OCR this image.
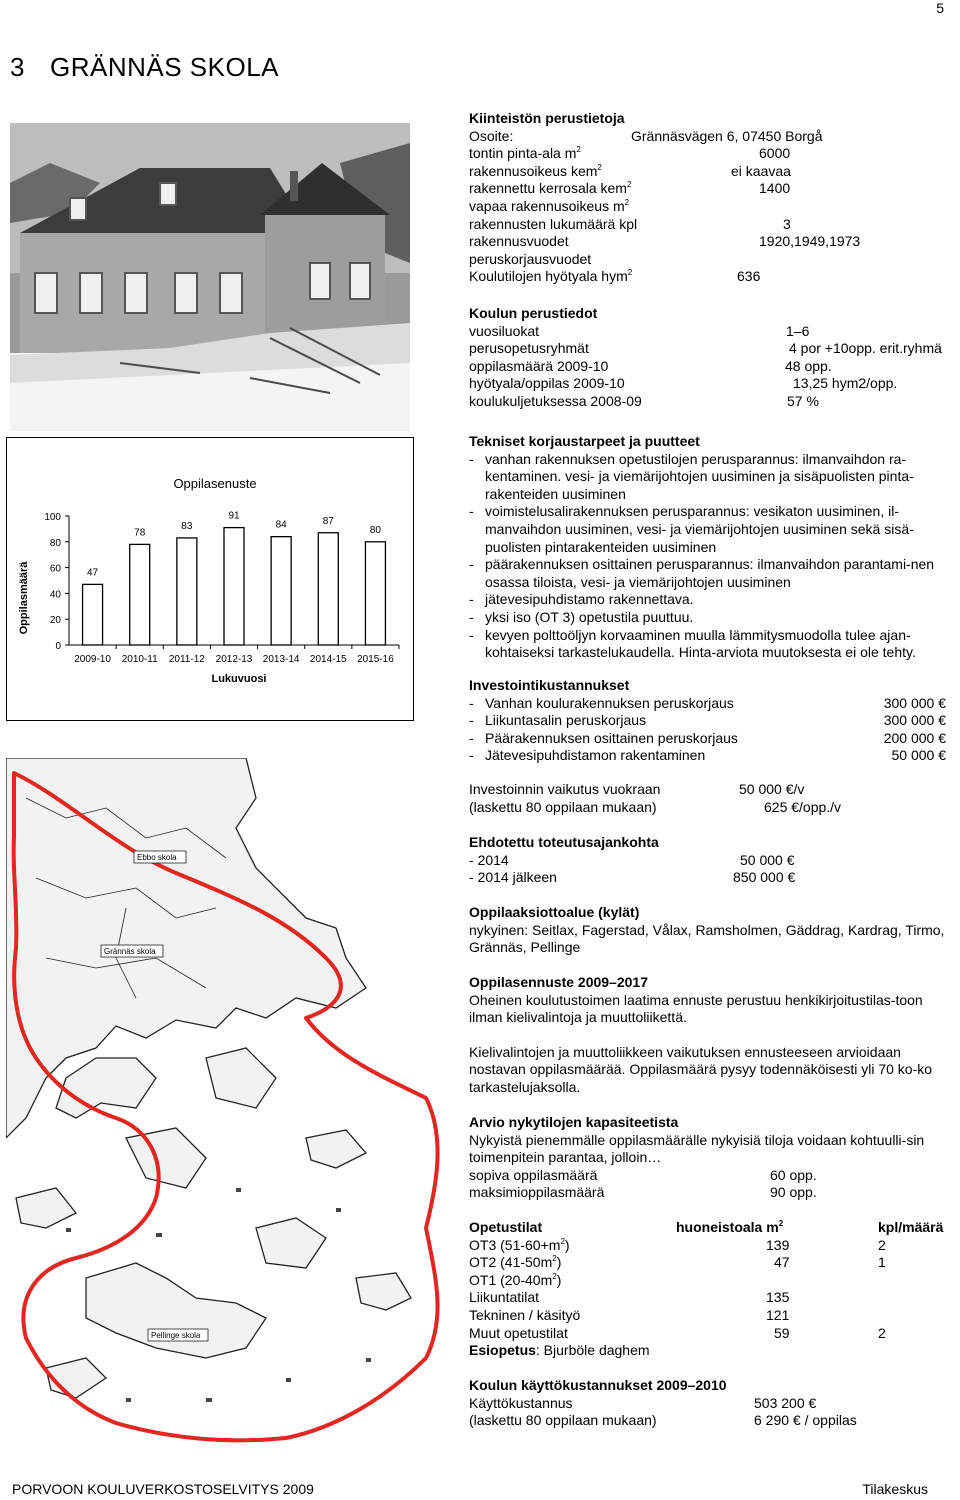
5
3 GRÄNNÄS SKOLA
Kiinteistön perustietoja
Osoite:	Grännäsvägen 6, 07450 Borgå
tontin pinta-ala $m^2$	6000
rakennusoikeus kem$^2$	ei kaavaa
rakennettu kerrosala kem$^2$	1400
vapaa rakennusoikeus $m^2$
rakennusten lukumäärä kpl	3
rakennusvuodet	1920,1949,1973
peruskorjausvuodet
Koulutilojen hyötyala hym$^2$	636
Koulun perustiedot
vuosiluokat	1–6
perusopetusryhmät	4 por +10opp. erit.ryhmä
oppilasmäärä 2009-10	48 opp.
hyötyala/oppilas 2009-10	13,25 hym2/opp.
koulukuljetuksessa 2008-09	57 %
Oppilasenuste
Oppilasmäärä
Lukuvuosi
0
20
40
60
80
100
47
2009-10
78
2010-11
83
2011-12
91
2012-13
84
2013-14
87
2014-15
80
2015-16
Tekniset korjaustarpeet ja puutteet
- vanhan rakennuksen opetustilojen perusparannus: ilmanvaihdon ra-kentaminen. vesi- ja viemärijohtojen uusiminen ja sisäpuolisten pinta-rakenteiden uusiminen
- voimistelusalirakennuksen perusparannus: vesikaton uusiminen, il-manvaihdon uusiminen, vesi- ja viemärijohtojen uusiminen sekä sisä-puolisten pintarakenteiden uusiminen
- päärakennuksen osittainen perusparannus: ilmanvaihdon parantami-nen osassa tiloista, vesi- ja viemärijohtojen uusiminen
- jätevesipuhdistamo rakennettava.
- yksi iso (OT 3) opetustila puuttuu.
- kevyen polttoöljyn korvaaminen muulla lämmitysmuodolla tulee ajan-kohtaiseksi tarkastelukaudella. Hinta-arviota muutoksesta ei ole tehty.
Investointikustannukset
- Vanhan koulurakennuksen peruskorjaus	300 000 €
- Liikuntasalin peruskorjaus	300 000 €
- Päärakennuksen osittainen peruskorjaus	200 000 €
- Jätevesipuhdistamon rakentaminen	50 000 €
Investoinnin vaikutus vuokraan	50 000 €/v
(laskettu 80 oppilaan mukaan)	625 €/opp./v
Ehdotettu toteutusajankohta
- 2014	50 000 €
- 2014 jälkeen	850 000 €
Oppilaaksiottoalue (kylät)
nykyinen: Seitlax, Fagerstad, Vålax, Ramsholmen, Gäddrag, Kardrag, Tirmo, Grännäs, Pellinge
Oppilasennuste 2009–2017
Oheinen koulutustoimen laatima ennuste perustuu henkikirjoitustilas-toon ilman kielivalintoja ja muuttoliikettä.
Kielivalintojen ja muuttoliikkeen vaikutuksen ennusteeseen arvioidaan nostavan oppilasmäärää. Oppilasmäärä pysyy todennäköisesti yli 70 ko-ko tarkastelujaksolla.
Arvio nykytilojen kapasiteetista
Nykyistä pienemmälle oppilasmäärälle nykyisiä tiloja voidaan kohtuulli-sin toimenpitein parantaa, jolloin…
sopiva oppilasmäärä	60 opp.
maksimioppilasmäärä	90 opp.
Opetustilat	huoneistoala $m^2$	kpl/määrä
OT3 $(51-60+m^2)$	139	2
OT2 $(41-50m^2)$	47	1
OT1 $(20-40m^2)$
Liikuntatilat	135
Tekninen / käsityö	121
Muut opetustilat	59	2
Esiopetus: Bjurböle daghem
Koulun käyttökustannukset 2009–2010
Käyttökustannus	503 200 €
(laskettu 80 oppilaan mukaan)	6 290 € / oppilas
Ebbo skola
Grännäs skola
Pellinge skola
PORVOON KOULUVERKOSTOSELVITYS 2009	Tilakeskus
